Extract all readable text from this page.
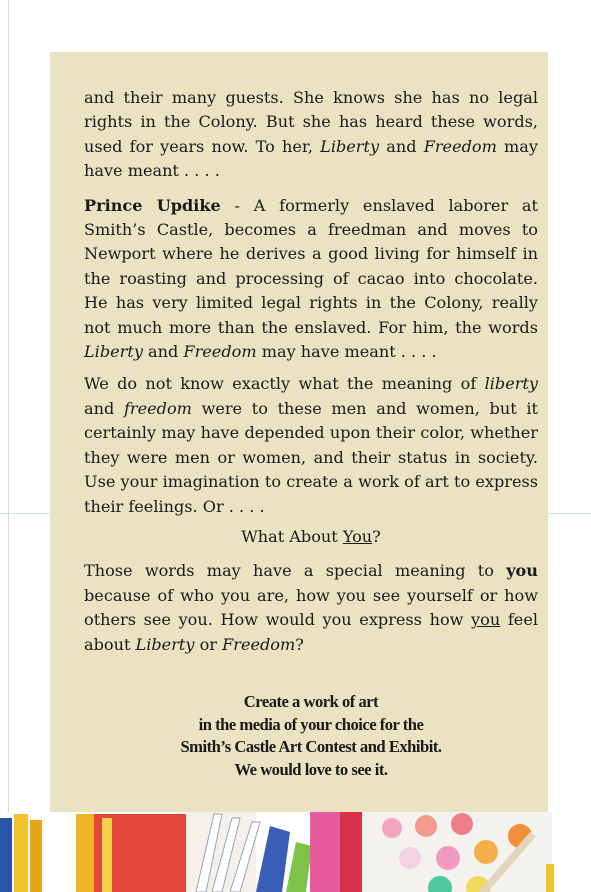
and their many guests. She knows she has no legal rights in the Colony. But she has heard these words, used for years now. To her, Liberty and Freedom may have meant . . . .

Prince Updike - A formerly enslaved laborer at Smith’s Castle, becomes a freedman and moves to Newport where he derives a good living for himself in the roasting and processing of cacao into chocolate. He has very limited legal rights in the Colony, really not much more than the enslaved. For him, the words Liberty and Freedom may have meant . . . .

We do not know exactly what the meaning of liberty and freedom were to these men and women, but it certainly may have depended upon their color, whether they were men or women, and their status in society. Use your imagination to create a work of art to express their feelings. Or . . . .

What About You?

Those words may have a special meaning to you because of who you are, how you see yourself or how others see you. How would you express how you feel about Liberty or Freedom?

Create a work of art
in the media of your choice for the
Smith’s Castle Art Contest and Exhibit.
We would love to see it.
